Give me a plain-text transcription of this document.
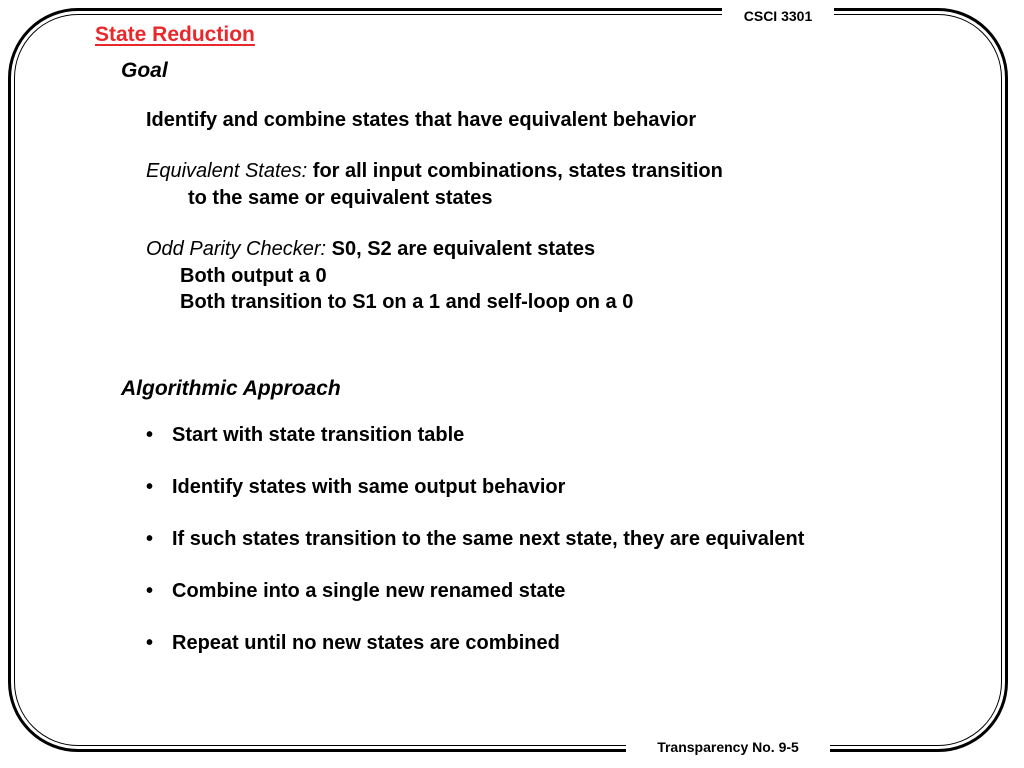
CSCI 3301
State Reduction
Goal
Identify and combine states that have equivalent behavior
Equivalent States: for all input combinations, states transition
to the same or equivalent states
Odd Parity Checker: S0, S2 are equivalent states
Both output a 0
Both transition to S1 on a 1 and self-loop on a 0
Algorithmic Approach
• Start with state transition table
• Identify states with same output behavior
• If such states transition to the same next state, they are equivalent
• Combine into a single new renamed state
• Repeat until no new states are combined
Transparency No. 9-5
